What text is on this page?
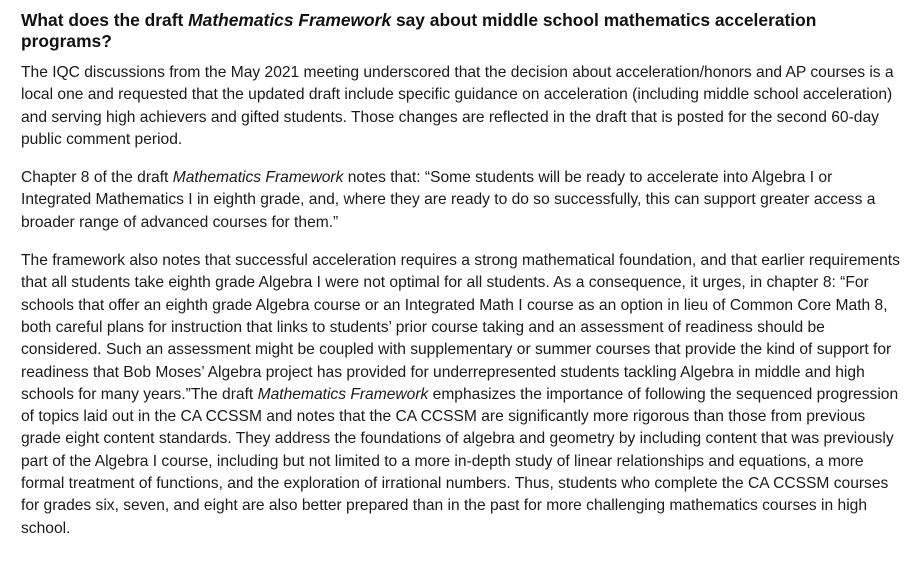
What does the draft Mathematics Framework say about middle school mathematics acceleration programs?

The IQC discussions from the May 2021 meeting underscored that the decision about acceleration/honors and AP courses is a local one and requested that the updated draft include specific guidance on acceleration (including middle school acceleration) and serving high achievers and gifted students. Those changes are reflected in the draft that is posted for the second 60-day public comment period.

Chapter 8 of the draft Mathematics Framework notes that: “Some students will be ready to accelerate into Algebra I or Integrated Mathematics I in eighth grade, and, where they are ready to do so successfully, this can support greater access a broader range of advanced courses for them.”

The framework also notes that successful acceleration requires a strong mathematical foundation, and that earlier requirements that all students take eighth grade Algebra I were not optimal for all students. As a consequence, it urges, in chapter 8: “For schools that offer an eighth grade Algebra course or an Integrated Math I course as an option in lieu of Common Core Math 8, both careful plans for instruction that links to students’ prior course taking and an assessment of readiness should be considered. Such an assessment might be coupled with supplementary or summer courses that provide the kind of support for readiness that Bob Moses’ Algebra project has provided for underrepresented students tackling Algebra in middle and high schools for many years.”The draft Mathematics Framework emphasizes the importance of following the sequenced progression of topics laid out in the CA CCSSM and notes that the CA CCSSM are significantly more rigorous than those from previous grade eight content standards. They address the foundations of algebra and geometry by including content that was previously part of the Algebra I course, including but not limited to a more in-depth study of linear relationships and equations, a more formal treatment of functions, and the exploration of irrational numbers. Thus, students who complete the CA CCSSM courses for grades six, seven, and eight are also better prepared than in the past for more challenging mathematics courses in high school.
